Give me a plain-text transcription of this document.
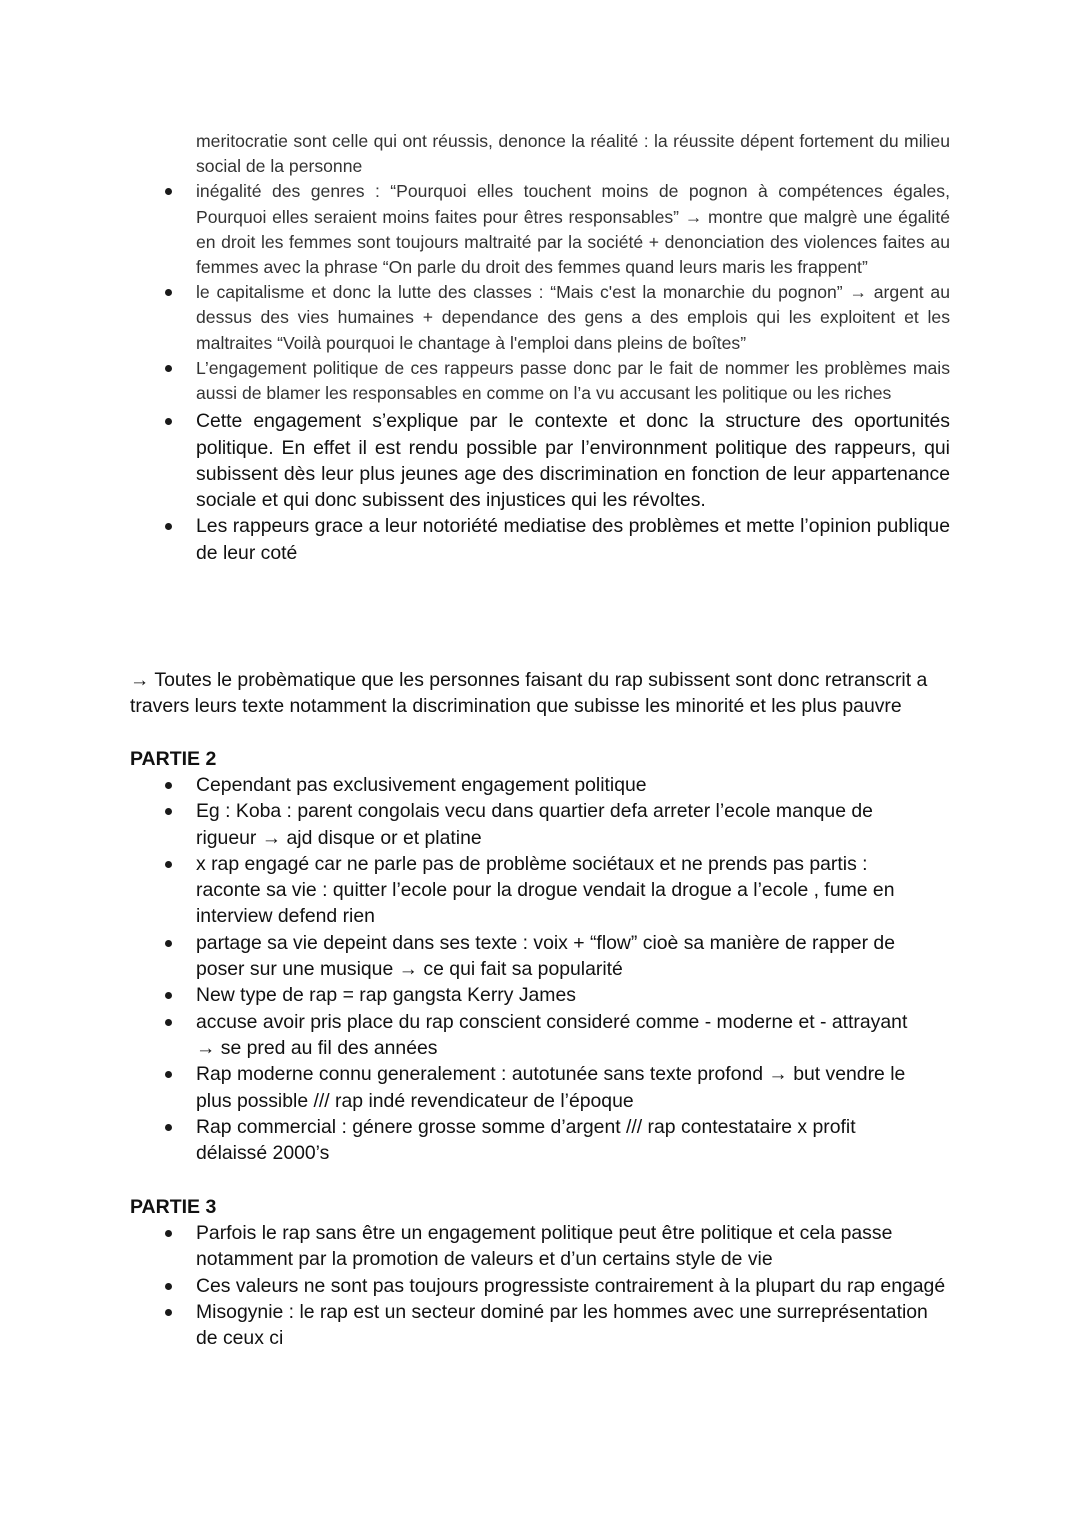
meritocratie sont celle qui ont réussis, denonce la réalité : la réussite dépent fortement du milieu social de la personne
inégalité des genres : “Pourquoi elles touchent moins de pognon à compétences égales, Pourquoi elles seraient moins faites pour êtres responsables” → montre que malgrè une égalité en droit les femmes sont toujours maltraité par la société + denonciation des violences faites au femmes avec la phrase “On parle du droit des femmes quand leurs maris les frappent”
le capitalisme et donc la lutte des classes : “Mais c'est la monarchie du pognon” → argent au dessus des vies humaines + dependance des gens a des emplois qui les exploitent et les maltraites “Voilà pourquoi le chantage à l'emploi dans pleins de boîtes”
L’engagement politique de ces rappeurs passe donc par le fait de nommer les problèmes mais aussi de blamer les responsables en comme on l’a vu accusant les politique ou les riches
Cette engagement s’explique par le contexte et donc la structure des oportunités politique. En effet il est rendu possible par l’environnment politique des rappeurs, qui subissent dès leur plus jeunes age des discrimination en fonction de leur appartenance sociale et qui donc subissent des injustices qui les révoltes.
Les rappeurs grace a leur notoriété mediatise des problèmes et mette l’opinion publique de leur coté
→ Toutes le probèmatique que les personnes faisant du rap subissent sont donc retranscrit a travers leurs texte notamment la discrimination que subisse les minorité et les plus pauvre
PARTIE 2
Cependant pas exclusivement engagement politique
Eg : Koba : parent congolais vecu dans quartier defa arreter l’ecole manque de rigueur → ajd disque or et platine
x rap engagé car ne parle pas de problème sociétaux et ne prends pas partis : raconte sa vie : quitter l’ecole pour la drogue vendait la drogue a l’ecole , fume en interview defend rien
partage sa vie depeint dans ses texte : voix + “flow” cioè sa manière de rapper de poser sur une musique → ce qui fait sa popularité
New type de rap = rap gangsta Kerry James
accuse avoir pris place du rap conscient consideré comme - moderne et - attrayant → se pred au fil des années
Rap moderne connu generalement : autotunée sans texte profond → but vendre le plus possible /// rap indé revendicateur de l’époque
Rap commercial : génere grosse somme d’argent /// rap contestataire x profit délaissé 2000’s
PARTIE 3
Parfois le rap sans être un engagement politique peut être politique et cela passe notamment par la promotion de valeurs et d’un certains style de vie
Ces valeurs ne sont pas toujours progressiste contrairement à la plupart du rap engagé
Misogynie : le rap est un secteur dominé par les hommes avec une surreprésentation de ceux ci
